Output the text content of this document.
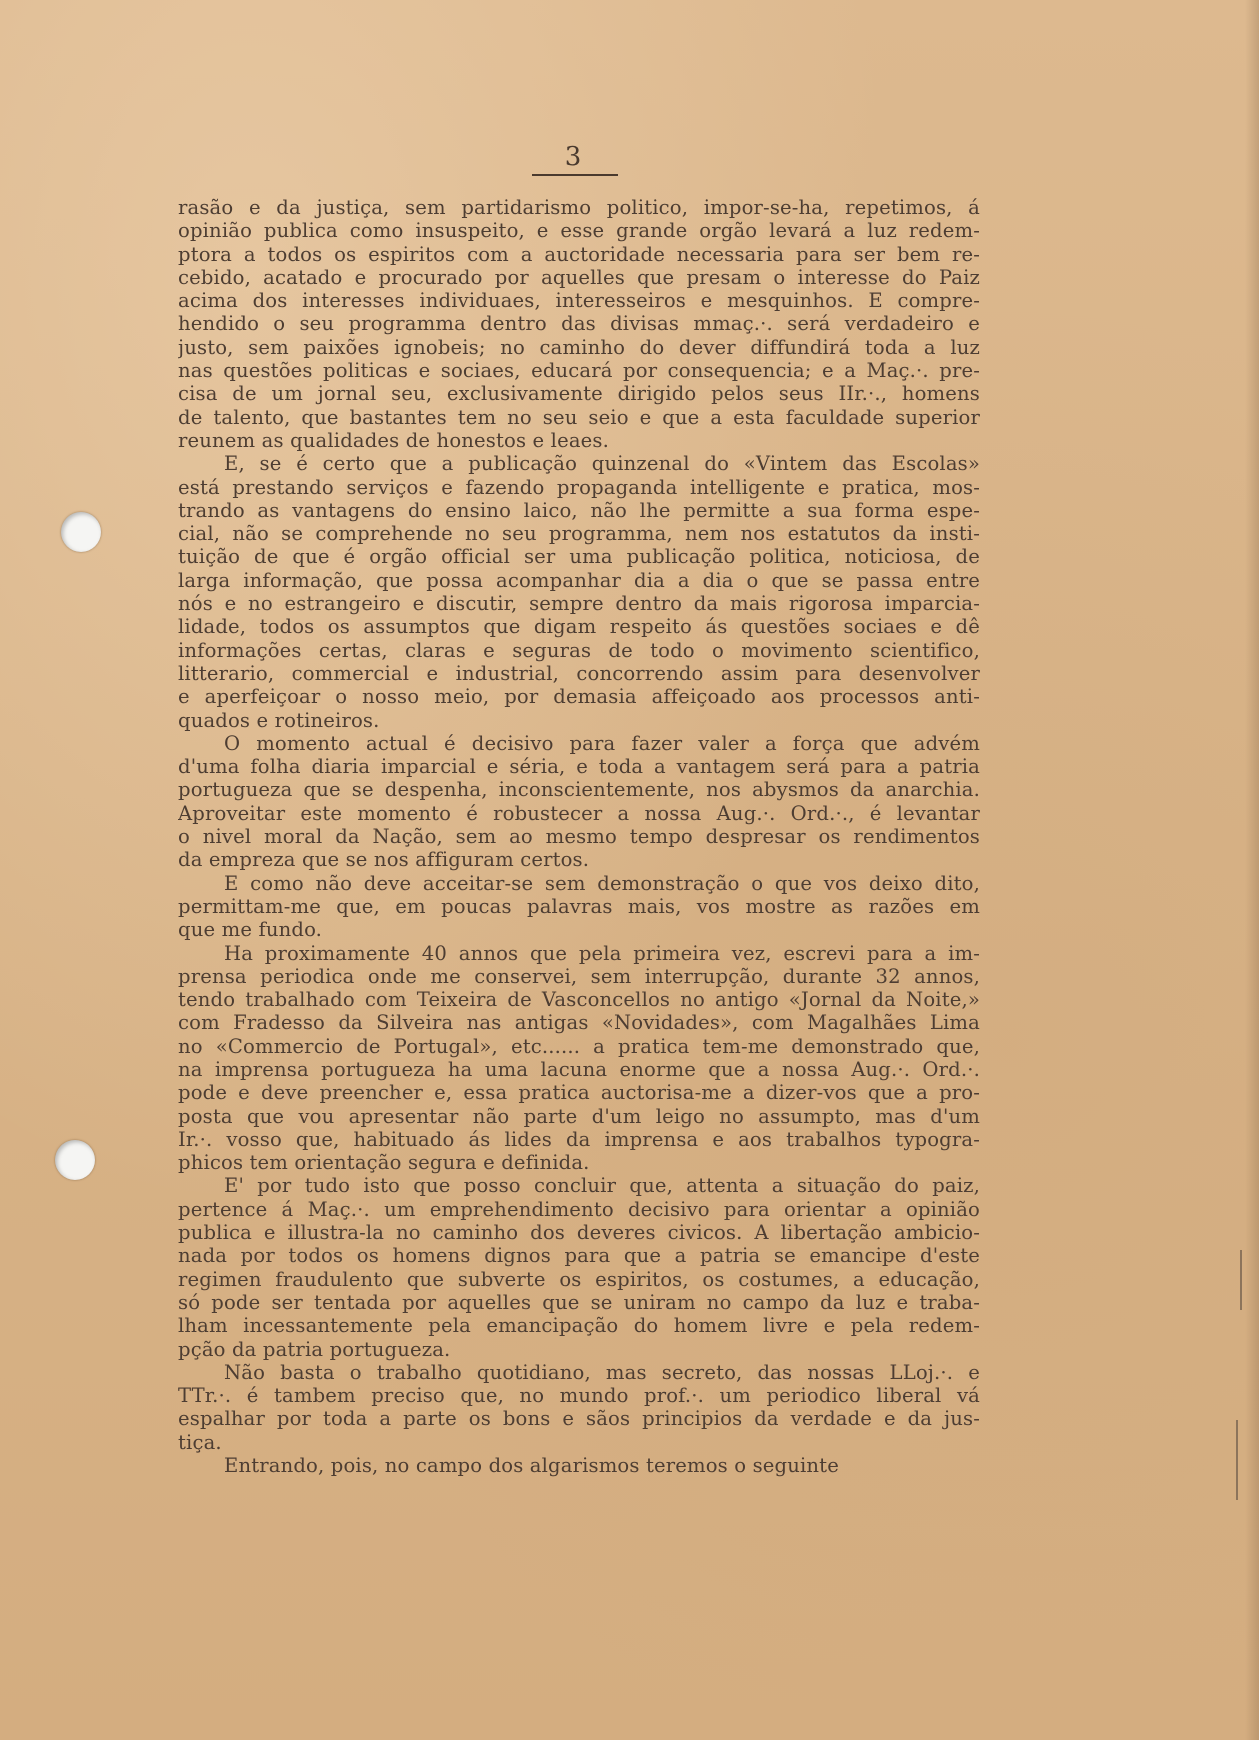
3
rasão e da justiça, sem partidarismo politico, impor-se-ha, repetimos, á
opinião publica como insuspeito, e esse grande orgão levará a luz redem-
ptora a todos os espiritos com a auctoridade necessaria para ser bem re-
cebido, acatado e procurado por aquelles que presam o interesse do Paiz
acima dos interesses individuaes, interesseiros e mesquinhos. E compre-
hendido o seu programma dentro das divisas mmaç.·. será verdadeiro e
justo, sem paixões ignobeis; no caminho do dever diffundirá toda a luz
nas questões politicas e sociaes, educará por consequencia; e a Maç.·. pre-
cisa de um jornal seu, exclusivamente dirigido pelos seus IIr.·., homens
de talento, que bastantes tem no seu seio e que a esta faculdade superior
reunem as qualidades de honestos e leaes.
E, se é certo que a publicação quinzenal do «Vintem das Escolas»
está prestando serviços e fazendo propaganda intelligente e pratica, mos-
trando as vantagens do ensino laico, não lhe permitte a sua forma espe-
cial, não se comprehende no seu programma, nem nos estatutos da insti-
tuição de que é orgão official ser uma publicação politica, noticiosa, de
larga informação, que possa acompanhar dia a dia o que se passa entre
nós e no estrangeiro e discutir, sempre dentro da mais rigorosa imparcia-
lidade, todos os assumptos que digam respeito ás questões sociaes e dê
informações certas, claras e seguras de todo o movimento scientifico,
litterario, commercial e industrial, concorrendo assim para desenvolver
e aperfeiçoar o nosso meio, por demasia affeiçoado aos processos anti-
quados e rotineiros.
O momento actual é decisivo para fazer valer a força que advém
d'uma folha diaria imparcial e séria, e toda a vantagem será para a patria
portugueza que se despenha, inconscientemente, nos abysmos da anarchia.
Aproveitar este momento é robustecer a nossa Aug.·. Ord.·., é levantar
o nivel moral da Nação, sem ao mesmo tempo despresar os rendimentos
da empreza que se nos affiguram certos.
E como não deve acceitar-se sem demonstração o que vos deixo dito,
permittam-me que, em poucas palavras mais, vos mostre as razões em
que me fundo.
Ha proximamente 40 annos que pela primeira vez, escrevi para a im-
prensa periodica onde me conservei, sem interrupção, durante 32 annos,
tendo trabalhado com Teixeira de Vasconcellos no antigo «Jornal da Noite,»
com Fradesso da Silveira nas antigas «Novidades», com Magalhães Lima
no «Commercio de Portugal», etc...... a pratica tem-me demonstrado que,
na imprensa portugueza ha uma lacuna enorme que a nossa Aug.·. Ord.·.
pode e deve preencher e, essa pratica auctorisa-me a dizer-vos que a pro-
posta que vou apresentar não parte d'um leigo no assumpto, mas d'um
Ir.·. vosso que, habituado ás lides da imprensa e aos trabalhos typogra-
phicos tem orientação segura e definida.
E' por tudo isto que posso concluir que, attenta a situação do paiz,
pertence á Maç.·. um emprehendimento decisivo para orientar a opinião
publica e illustra-la no caminho dos deveres civicos. A libertação ambicio-
nada por todos os homens dignos para que a patria se emancipe d'este
regimen fraudulento que subverte os espiritos, os costumes, a educação,
só pode ser tentada por aquelles que se uniram no campo da luz e traba-
lham incessantemente pela emancipação do homem livre e pela redem-
pção da patria portugueza.
Não basta o trabalho quotidiano, mas secreto, das nossas LLoj.·. e
TTr.·. é tambem preciso que, no mundo prof.·. um periodico liberal vá
espalhar por toda a parte os bons e sãos principios da verdade e da jus-
tiça.
Entrando, pois, no campo dos algarismos teremos o seguinte
